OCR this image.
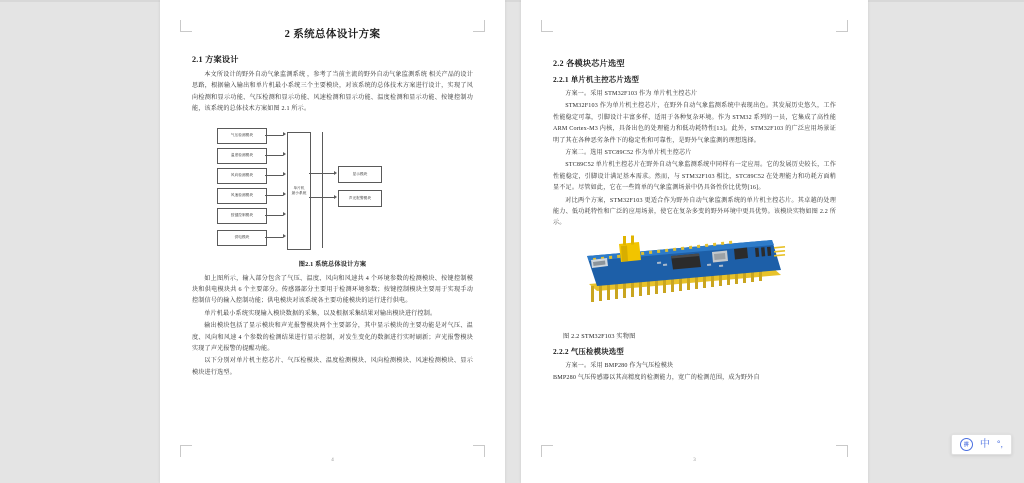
2 系统总体设计方案
2.1 方案设计

本文所设计的野外自动气象监测系统 ，参考了当前主流的野外自动气象监测系统 相关产品的设计思路，根据输入输出和单片机最小系统三个主要模块，对该系统的总体技术方案进行设计，实现了风向检测和显示功能、气压检测和显示功能、风速检测和显示功能、温度检测和显示功能、按键控制功能，该系统的总体技术方案如图 2.1 所示。

气压检测模块
温度检测模块
风向检测模块
风速检测模块
按键控制模块
供电模块
单片机
最小系统
显示模块
声光报警模块
图2.1 系统总体设计方案

如上图所示，输入部分包含了气压、温度、风向和风速共 4 个环境参数的检测模块、按键控制模块和供电模块共 6 个主要部分。传感器部分主要用于检测环境参数；按键控制模块主要用于实现手动控制信号的输入控制功能；供电模块对该系统各主要功能模块的运行进行供电。

单片机最小系统实现输入模块数据的采集，以及根据采集结果对输出模块进行控制。

输出模块包括了显示模块和声光报警模块两个主要部分，其中显示模块的主要功能是对气压、温度、风向和风速 4 个参数的检测结果进行显示控制，对发生变化的数据进行实时刷新；声光报警模块实现了声光报警的提醒功能。

以下分别对单片机主控芯片、气压检模块、温度检测模块、风向检测模块、风速检测模块、显示模块进行选型。

4
2.2 各模块芯片选型
2.2.1 单片机主控芯片选型

方案一。采用 STM32F103 作为 单片机主控芯片

STM32F103 作为单片机主控芯片，在野外自动气象监测系统中表现出色。其发展历史悠久，工作性能稳定可靠，引脚设计丰富多样，适用于各种复杂环境。作为 STM32 系列的一员，它集成了高性能 ARM Cortex-M3 内核，具备出色的处理能力和低功耗特性[13]。此外，STM32F103 的广泛应用场景证明了其在各种恶劣条件下的稳定性和可靠性，是野外气象监测的理想选择。

方案二。选用 STC89C52 作为单片机主控芯片

STC89C52 单片机主控芯片在野外自动气象监测系统中同样有一定应用。它的发展历史较长，工作性能稳定，引脚设计满足基本需求。然而，与 STM32F103 相比，STC89C52 在处理能力和功耗方面稍显不足。尽管如此，它在一些简单的气象监测场景中仍具备性价比优势[16]。

对比两个方案，STM32F103 更适合作为野外自动气象监测系统的单片机主控芯片。其卓越的处理能力、低功耗特性和广泛的应用场景，使它在复杂多变的野外环境中更具优势。该模块实物如图 2.2 所示。

图 2.2 STM32F103 实物图
2.2.2 气压检模块选型

方案一。采用 BMP280 作为气压检模块

BMP280 气压传感器以其高精度的检测能力，宽广的检测范围，成为野外自

3
拼	中 °,
